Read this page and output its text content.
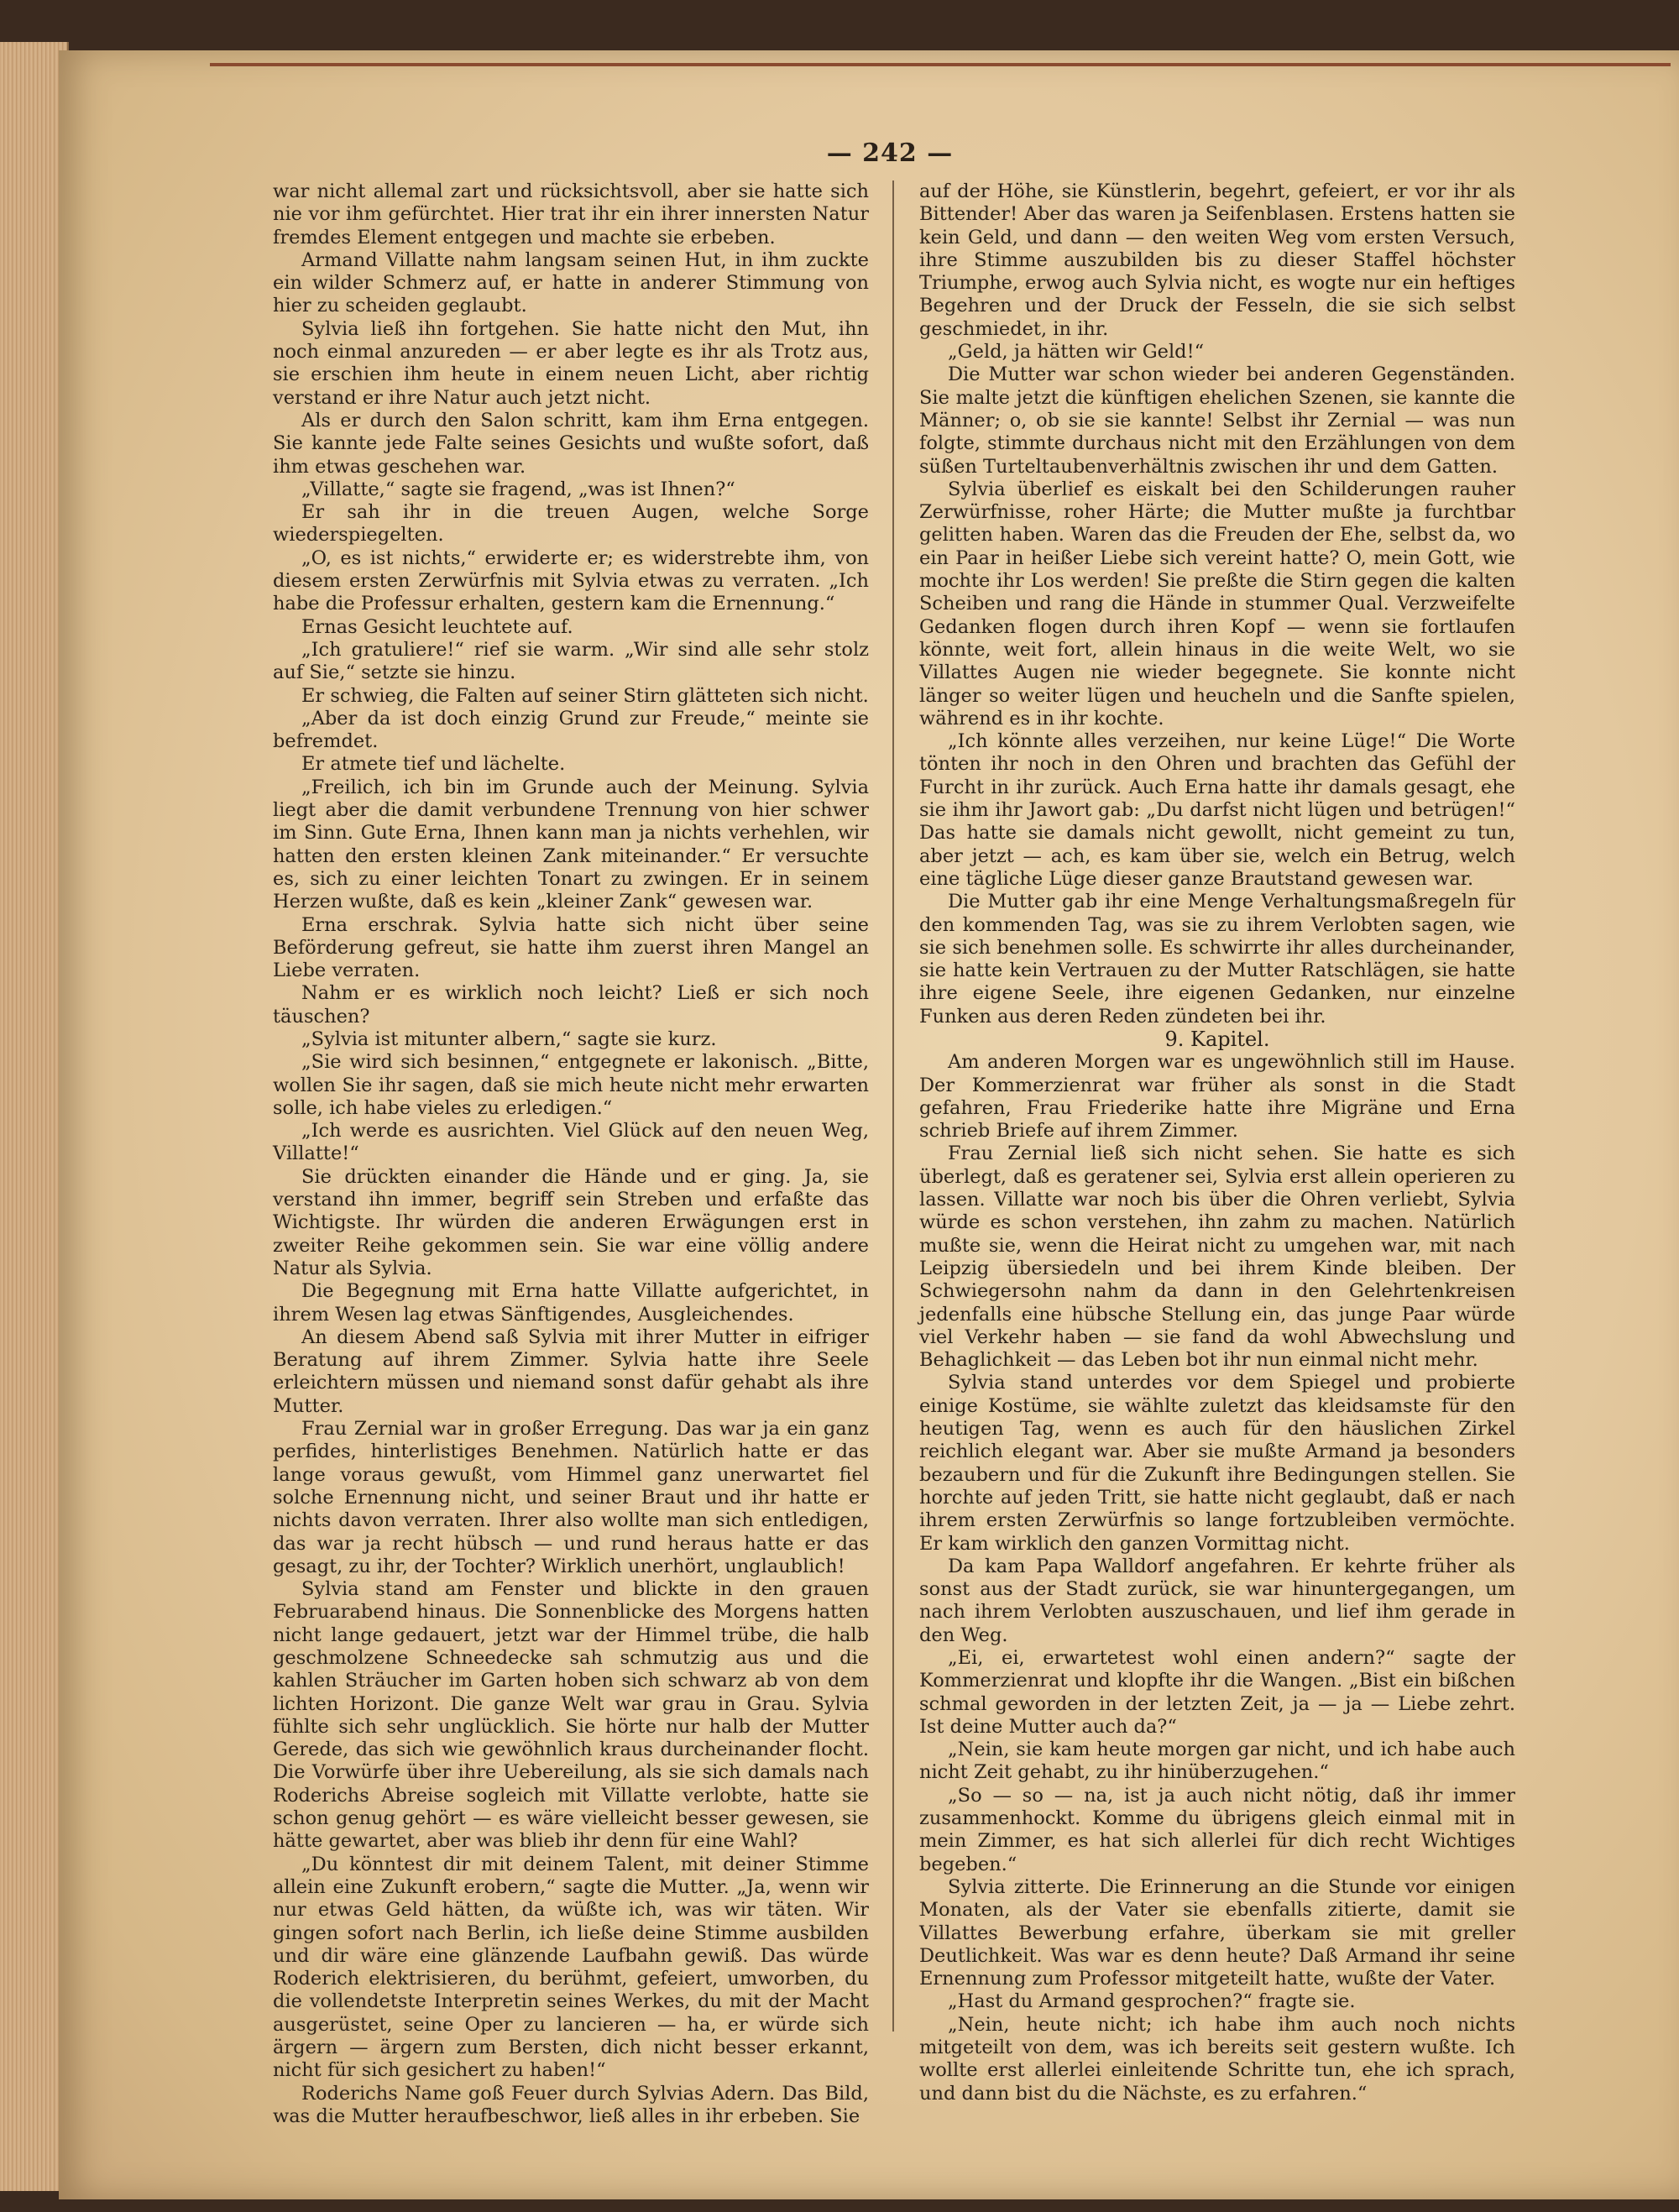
— 242 —

war nicht allemal zart und rücksichtsvoll, aber sie hatte sich nie vor ihm gefürchtet. Hier trat ihr ein ihrer innersten Natur fremdes Element entgegen und machte sie erbeben.

Armand Villatte nahm langsam seinen Hut, in ihm zuckte ein wilder Schmerz auf, er hatte in anderer Stimmung von hier zu scheiden geglaubt.

Sylvia ließ ihn fortgehen. Sie hatte nicht den Mut, ihn noch einmal anzureden — er aber legte es ihr als Trotz aus, sie erschien ihm heute in einem neuen Licht, aber richtig verstand er ihre Natur auch jetzt nicht.

Als er durch den Salon schritt, kam ihm Erna entgegen. Sie kannte jede Falte seines Gesichts und wußte sofort, daß ihm etwas geschehen war.

„Villatte,“ sagte sie fragend, „was ist Ihnen?“

Er sah ihr in die treuen Augen, welche Sorge wiederspiegelten.

„O, es ist nichts,“ erwiderte er; es widerstrebte ihm, von diesem ersten Zerwürfnis mit Sylvia etwas zu verraten. „Ich habe die Professur erhalten, gestern kam die Ernennung.“

Ernas Gesicht leuchtete auf.

„Ich gratuliere!“ rief sie warm. „Wir sind alle sehr stolz auf Sie,“ setzte sie hinzu.

Er schwieg, die Falten auf seiner Stirn glätteten sich nicht.

„Aber da ist doch einzig Grund zur Freude,“ meinte sie befremdet.

Er atmete tief und lächelte.

„Freilich, ich bin im Grunde auch der Meinung. Sylvia liegt aber die damit verbundene Trennung von hier schwer im Sinn. Gute Erna, Ihnen kann man ja nichts verhehlen, wir hatten den ersten kleinen Zank miteinander.“ Er versuchte es, sich zu einer leichten Tonart zu zwingen. Er in seinem Herzen wußte, daß es kein „kleiner Zank“ gewesen war.

Erna erschrak. Sylvia hatte sich nicht über seine Beförderung gefreut, sie hatte ihm zuerst ihren Mangel an Liebe verraten.

Nahm er es wirklich noch leicht? Ließ er sich noch täuschen?

„Sylvia ist mitunter albern,“ sagte sie kurz.

„Sie wird sich besinnen,“ entgegnete er lakonisch. „Bitte, wollen Sie ihr sagen, daß sie mich heute nicht mehr erwarten solle, ich habe vieles zu erledigen.“

„Ich werde es ausrichten. Viel Glück auf den neuen Weg, Villatte!“

Sie drückten einander die Hände und er ging. Ja, sie verstand ihn immer, begriff sein Streben und erfaßte das Wichtigste. Ihr würden die anderen Erwägungen erst in zweiter Reihe gekommen sein. Sie war eine völlig andere Natur als Sylvia.

Die Begegnung mit Erna hatte Villatte aufgerichtet, in ihrem Wesen lag etwas Sänftigendes, Ausgleichendes.

An diesem Abend saß Sylvia mit ihrer Mutter in eifriger Beratung auf ihrem Zimmer. Sylvia hatte ihre Seele erleichtern müssen und niemand sonst dafür gehabt als ihre Mutter.

Frau Zernial war in großer Erregung. Das war ja ein ganz perfides, hinterlistiges Benehmen. Natürlich hatte er das lange voraus gewußt, vom Himmel ganz unerwartet fiel solche Ernennung nicht, und seiner Braut und ihr hatte er nichts davon verraten. Ihrer also wollte man sich entledigen, das war ja recht hübsch — und rund heraus hatte er das gesagt, zu ihr, der Tochter? Wirklich unerhört, unglaublich!

Sylvia stand am Fenster und blickte in den grauen Februarabend hinaus. Die Sonnenblicke des Morgens hatten nicht lange gedauert, jetzt war der Himmel trübe, die halb geschmolzene Schneedecke sah schmutzig aus und die kahlen Sträucher im Garten hoben sich schwarz ab von dem lichten Horizont. Die ganze Welt war grau in Grau. Sylvia fühlte sich sehr unglücklich. Sie hörte nur halb der Mutter Gerede, das sich wie gewöhnlich kraus durcheinander flocht. Die Vorwürfe über ihre Uebereilung, als sie sich damals nach Roderichs Abreise sogleich mit Villatte verlobte, hatte sie schon genug gehört — es wäre vielleicht besser gewesen, sie hätte gewartet, aber was blieb ihr denn für eine Wahl?

„Du könntest dir mit deinem Talent, mit deiner Stimme allein eine Zukunft erobern,“ sagte die Mutter. „Ja, wenn wir nur etwas Geld hätten, da wüßte ich, was wir täten. Wir gingen sofort nach Berlin, ich ließe deine Stimme ausbilden und dir wäre eine glänzende Laufbahn gewiß. Das würde Roderich elektrisieren, du berühmt, gefeiert, umworben, du die vollendetste Interpretin seines Werkes, du mit der Macht ausgerüstet, seine Oper zu lancieren — ha, er würde sich ärgern — ärgern zum Bersten, dich nicht besser erkannt, nicht für sich gesichert zu haben!“

Roderichs Name goß Feuer durch Sylvias Adern. Das Bild, was die Mutter heraufbeschwor, ließ alles in ihr erbeben. Sie

auf der Höhe, sie Künstlerin, begehrt, gefeiert, er vor ihr als Bittender! Aber das waren ja Seifenblasen. Erstens hatten sie kein Geld, und dann — den weiten Weg vom ersten Versuch, ihre Stimme auszubilden bis zu dieser Staffel höchster Triumphe, erwog auch Sylvia nicht, es wogte nur ein heftiges Begehren und der Druck der Fesseln, die sie sich selbst geschmiedet, in ihr.

„Geld, ja hätten wir Geld!“

Die Mutter war schon wieder bei anderen Gegenständen. Sie malte jetzt die künftigen ehelichen Szenen, sie kannte die Männer; o, ob sie sie kannte! Selbst ihr Zernial — was nun folgte, stimmte durchaus nicht mit den Erzählungen von dem süßen Turteltaubenverhältnis zwischen ihr und dem Gatten.

Sylvia überlief es eiskalt bei den Schilderungen rauher Zerwürfnisse, roher Härte; die Mutter mußte ja furchtbar gelitten haben. Waren das die Freuden der Ehe, selbst da, wo ein Paar in heißer Liebe sich vereint hatte? O, mein Gott, wie mochte ihr Los werden! Sie preßte die Stirn gegen die kalten Scheiben und rang die Hände in stummer Qual. Verzweifelte Gedanken flogen durch ihren Kopf — wenn sie fortlaufen könnte, weit fort, allein hinaus in die weite Welt, wo sie Villattes Augen nie wieder begegnete. Sie konnte nicht länger so weiter lügen und heucheln und die Sanfte spielen, während es in ihr kochte.

„Ich könnte alles verzeihen, nur keine Lüge!“ Die Worte tönten ihr noch in den Ohren und brachten das Gefühl der Furcht in ihr zurück. Auch Erna hatte ihr damals gesagt, ehe sie ihm ihr Jawort gab: „Du darfst nicht lügen und betrügen!“ Das hatte sie damals nicht gewollt, nicht gemeint zu tun, aber jetzt — ach, es kam über sie, welch ein Betrug, welch eine tägliche Lüge dieser ganze Brautstand gewesen war.

Die Mutter gab ihr eine Menge Verhaltungsmaßregeln für den kommenden Tag, was sie zu ihrem Verlobten sagen, wie sie sich benehmen solle. Es schwirrte ihr alles durcheinander, sie hatte kein Vertrauen zu der Mutter Ratschlägen, sie hatte ihre eigene Seele, ihre eigenen Gedanken, nur einzelne Funken aus deren Reden zündeten bei ihr.

9. Kapitel.

Am anderen Morgen war es ungewöhnlich still im Hause. Der Kommerzienrat war früher als sonst in die Stadt gefahren, Frau Friederike hatte ihre Migräne und Erna schrieb Briefe auf ihrem Zimmer.

Frau Zernial ließ sich nicht sehen. Sie hatte es sich überlegt, daß es geratener sei, Sylvia erst allein operieren zu lassen. Villatte war noch bis über die Ohren verliebt, Sylvia würde es schon verstehen, ihn zahm zu machen. Natürlich mußte sie, wenn die Heirat nicht zu umgehen war, mit nach Leipzig übersiedeln und bei ihrem Kinde bleiben. Der Schwiegersohn nahm da dann in den Gelehrtenkreisen jedenfalls eine hübsche Stellung ein, das junge Paar würde viel Verkehr haben — sie fand da wohl Abwechslung und Behaglichkeit — das Leben bot ihr nun einmal nicht mehr.

Sylvia stand unterdes vor dem Spiegel und probierte einige Kostüme, sie wählte zuletzt das kleidsamste für den heutigen Tag, wenn es auch für den häuslichen Zirkel reichlich elegant war. Aber sie mußte Armand ja besonders bezaubern und für die Zukunft ihre Bedingungen stellen. Sie horchte auf jeden Tritt, sie hatte nicht geglaubt, daß er nach ihrem ersten Zerwürfnis so lange fortzubleiben vermöchte. Er kam wirklich den ganzen Vormittag nicht.

Da kam Papa Walldorf angefahren. Er kehrte früher als sonst aus der Stadt zurück, sie war hinuntergegangen, um nach ihrem Verlobten auszuschauen, und lief ihm gerade in den Weg.

„Ei, ei, erwartetest wohl einen andern?“ sagte der Kommerzienrat und klopfte ihr die Wangen. „Bist ein bißchen schmal geworden in der letzten Zeit, ja — ja — Liebe zehrt. Ist deine Mutter auch da?“

„Nein, sie kam heute morgen gar nicht, und ich habe auch nicht Zeit gehabt, zu ihr hinüberzugehen.“

„So — so — na, ist ja auch nicht nötig, daß ihr immer zusammenhockt. Komme du übrigens gleich einmal mit in mein Zimmer, es hat sich allerlei für dich recht Wichtiges begeben.“

Sylvia zitterte. Die Erinnerung an die Stunde vor einigen Monaten, als der Vater sie ebenfalls zitierte, damit sie Villattes Bewerbung erfahre, überkam sie mit greller Deutlichkeit. Was war es denn heute? Daß Armand ihr seine Ernennung zum Professor mitgeteilt hatte, wußte der Vater.

„Hast du Armand gesprochen?“ fragte sie.

„Nein, heute nicht; ich habe ihm auch noch nichts mitgeteilt von dem, was ich bereits seit gestern wußte. Ich wollte erst allerlei einleitende Schritte tun, ehe ich sprach, und dann bist du die Nächste, es zu erfahren.“
